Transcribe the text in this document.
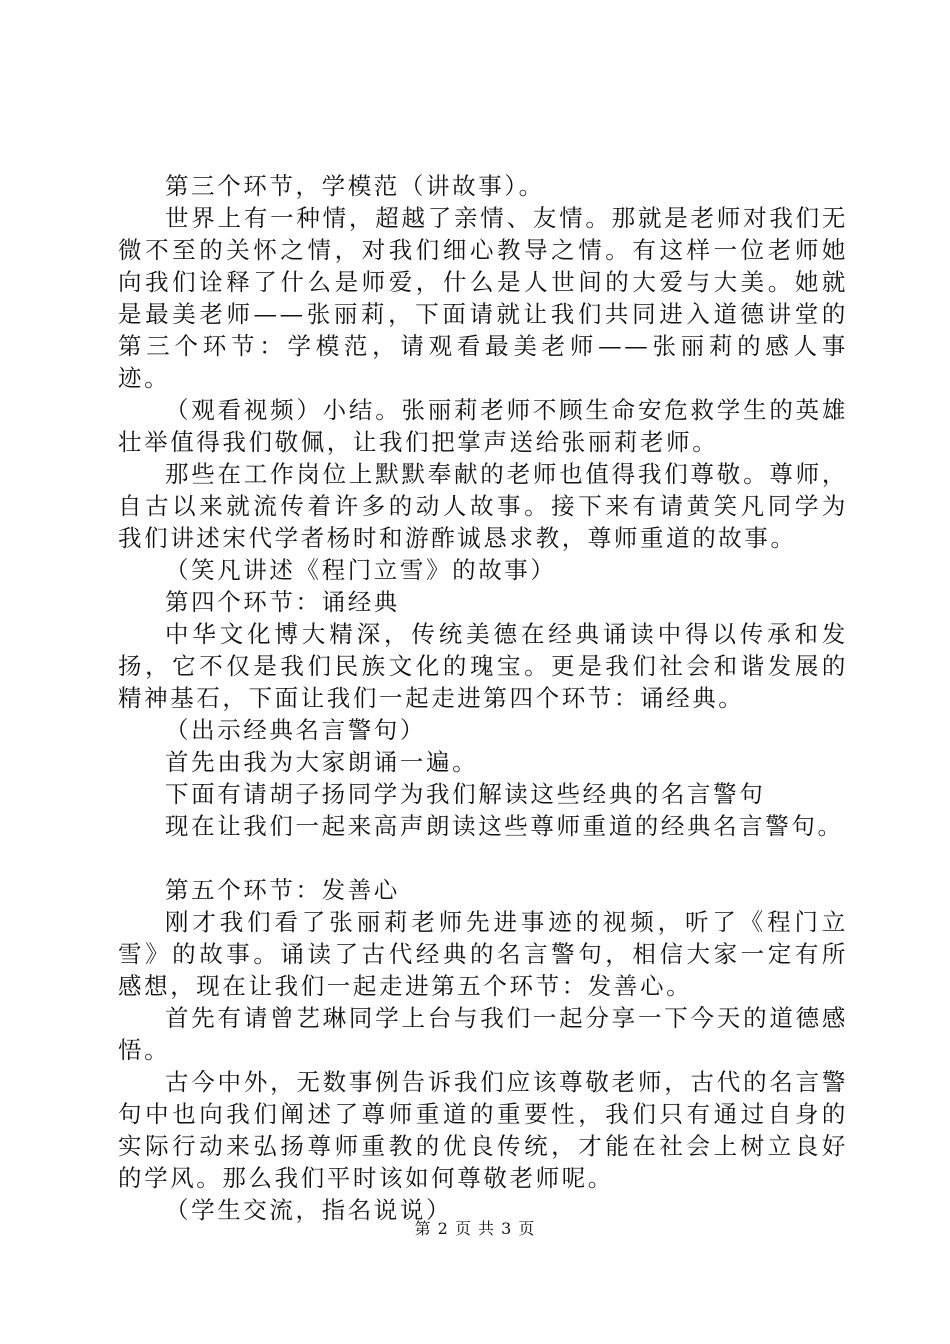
第三个环节，学模范（讲故事）。

世界上有一种情，超越了亲情、友情。那就是老师对我们无微不至的关怀之情，对我们细心教导之情。有这样一位老师她向我们诠释了什么是师爱，什么是人世间的大爱与大美。她就是最美老师——张丽莉，下面请就让我们共同进入道德讲堂的第三个环节：学模范，请观看最美老师——张丽莉的感人事迹。

（观看视频）小结。张丽莉老师不顾生命安危救学生的英雄壮举值得我们敬佩，让我们把掌声送给张丽莉老师。

那些在工作岗位上默默奉献的老师也值得我们尊敬。尊师，自古以来就流传着许多的动人故事。接下来有请黄笑凡同学为我们讲述宋代学者杨时和游酢诚恳求教，尊师重道的故事。

（笑凡讲述《程门立雪》的故事）

第四个环节：诵经典

中华文化博大精深，传统美德在经典诵读中得以传承和发扬，它不仅是我们民族文化的瑰宝。更是我们社会和谐发展的精神基石，下面让我们一起走进第四个环节：诵经典。

（出示经典名言警句）

首先由我为大家朗诵一遍。

下面有请胡子扬同学为我们解读这些经典的名言警句

现在让我们一起来高声朗读这些尊师重道的经典名言警句。

第五个环节：发善心

刚才我们看了张丽莉老师先进事迹的视频，听了《程门立雪》的故事。诵读了古代经典的名言警句，相信大家一定有所感想，现在让我们一起走进第五个环节：发善心。

首先有请曾艺琳同学上台与我们一起分享一下今天的道德感悟。

古今中外，无数事例告诉我们应该尊敬老师，古代的名言警句中也向我们阐述了尊师重道的重要性，我们只有通过自身的实际行动来弘扬尊师重教的优良传统，才能在社会上树立良好的学风。那么我们平时该如何尊敬老师呢。

（学生交流，指名说说）

第 2 页 共 3 页
